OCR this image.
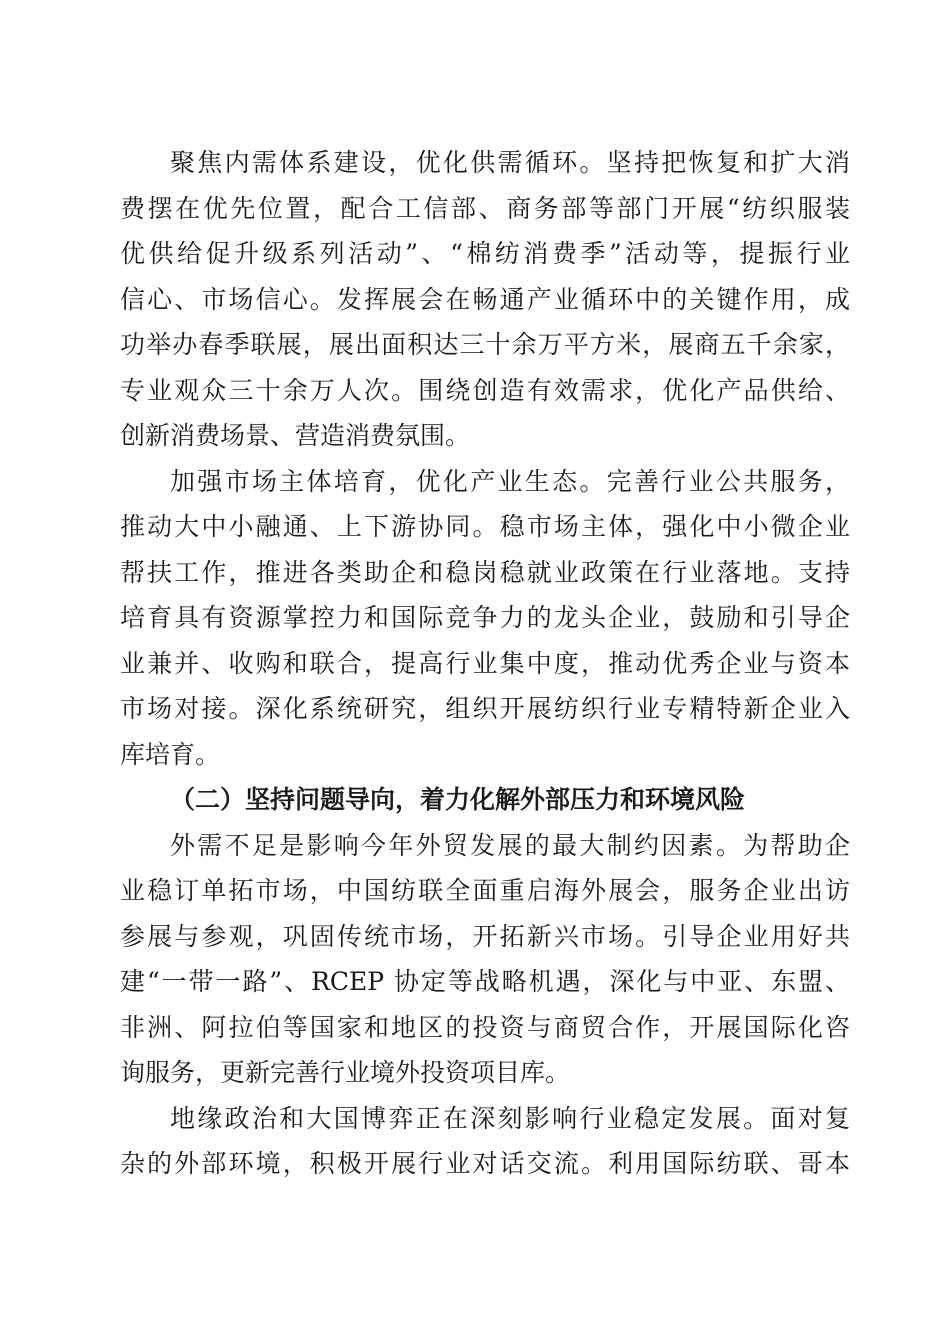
聚焦内需体系建设，优化供需循环。坚持把恢复和扩大消
费摆在优先位置，配合工信部、商务部等部门开展“纺织服装
优供给促升级系列活动”、“棉纺消费季”活动等，提振行业
信心、市场信心。发挥展会在畅通产业循环中的关键作用，成
功举办春季联展，展出面积达三十余万平方米，展商五千余家，
专业观众三十余万人次。围绕创造有效需求，优化产品供给、
创新消费场景、营造消费氛围。
加强市场主体培育，优化产业生态。完善行业公共服务，
推动大中小融通、上下游协同。稳市场主体，强化中小微企业
帮扶工作，推进各类助企和稳岗稳就业政策在行业落地。支持
培育具有资源掌控力和国际竞争力的龙头企业，鼓励和引导企
业兼并、收购和联合，提高行业集中度，推动优秀企业与资本
市场对接。深化系统研究，组织开展纺织行业专精特新企业入
库培育。
（二）坚持问题导向，着力化解外部压力和环境风险
外需不足是影响今年外贸发展的最大制约因素。为帮助企
业稳订单拓市场，中国纺联全面重启海外展会，服务企业出访
参展与参观，巩固传统市场，开拓新兴市场。引导企业用好共
建“一带一路”、RCEP 协定等战略机遇，深化与中亚、东盟、
非洲、阿拉伯等国家和地区的投资与商贸合作，开展国际化咨
询服务，更新完善行业境外投资项目库。
地缘政治和大国博弈正在深刻影响行业稳定发展。面对复
杂的外部环境，积极开展行业对话交流。利用国际纺联、哥本
